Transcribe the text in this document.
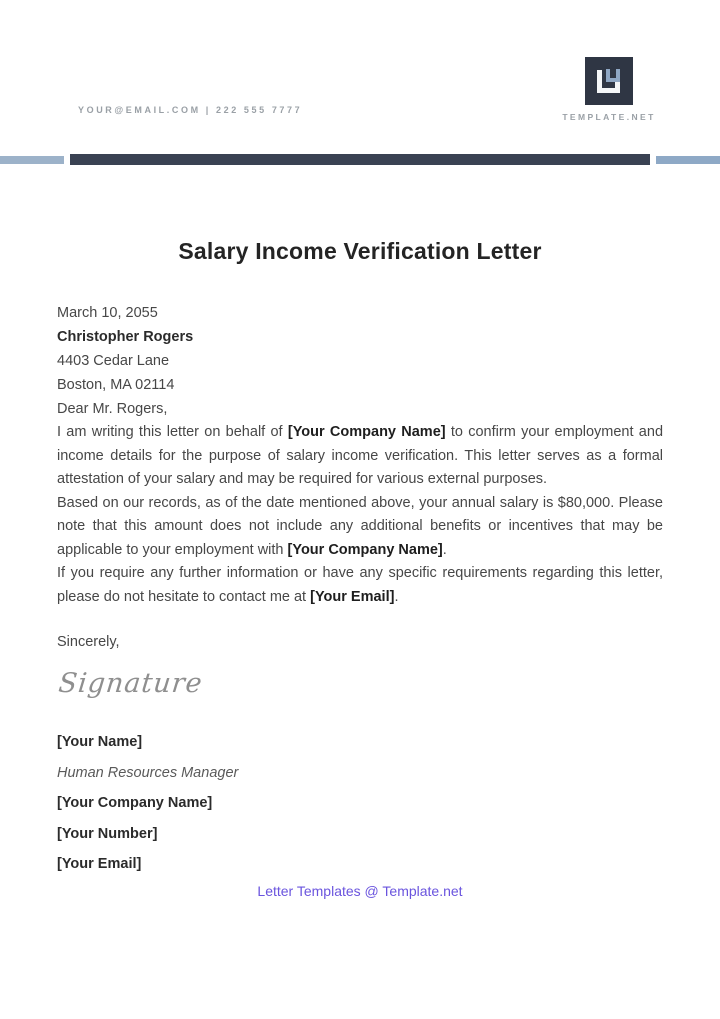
YOUR@EMAIL.COM | 222 555 7777
TEMPLATE.NET
Salary Income Verification Letter
March 10, 2055
Christopher Rogers
4403 Cedar Lane
Boston, MA 02114
Dear Mr. Rogers,

I am writing this letter on behalf of [Your Company Name] to confirm your employment and income details for the purpose of salary income verification. This letter serves as a formal attestation of your salary and may be required for various external purposes.

Based on our records, as of the date mentioned above, your annual salary is $80,000. Please note that this amount does not include any additional benefits or incentives that may be applicable to your employment with [Your Company Name].

If you require any further information or have any specific requirements regarding this letter, please do not hesitate to contact me at [Your Email].

Sincerely,
Signature
[Your Name]
Human Resources Manager
[Your Company Name]
[Your Number]
[Your Email]
Letter Templates @ Template.net
